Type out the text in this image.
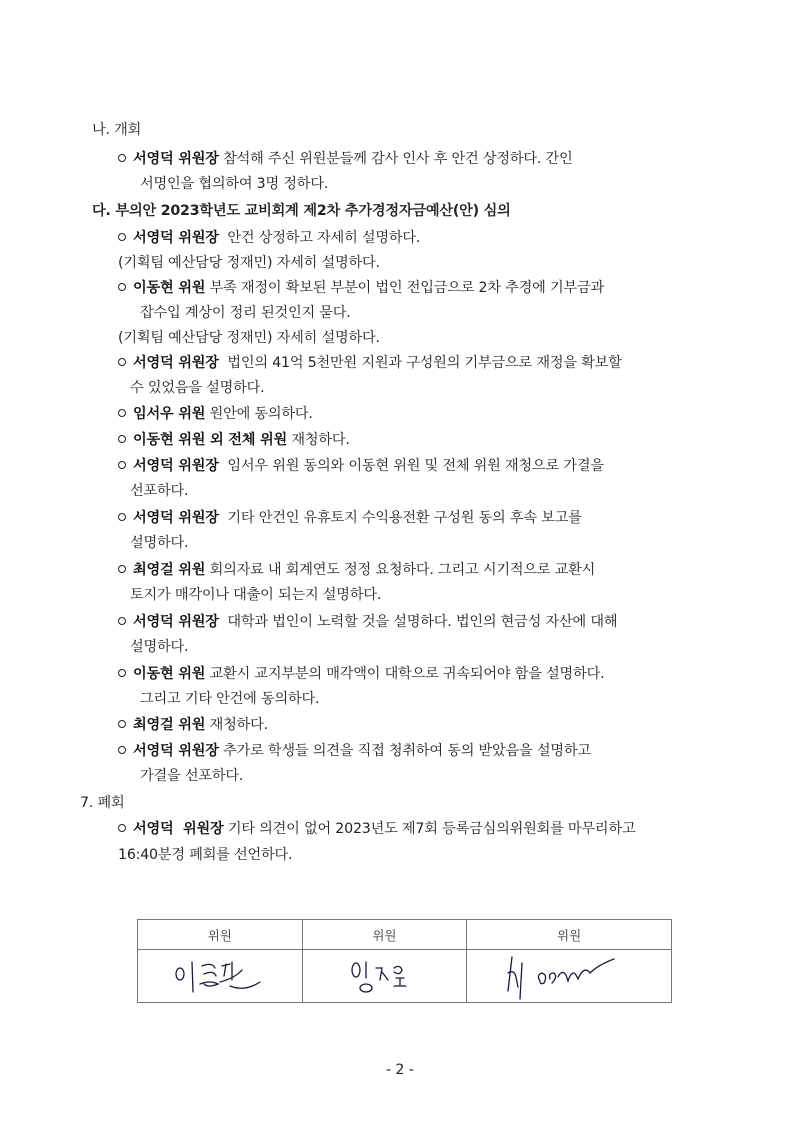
나. 개회
서영덕 위원장 참석해 주신 위원분들께 감사 인사 후 안건 상정하다. 간인
서명인을 협의하여 3명 정하다.
다. 부의안 2023학년도 교비회계 제2차 추가경정자금예산(안) 심의
서영덕 위원장 안건 상정하고 자세히 설명하다.
(기획팀 예산담당 정재민) 자세히 설명하다.
이동현 위원 부족 재정이 확보된 부분이 법인 전입금으로 2차 추경에 기부금과
잡수입 계상이 정리 된것인지 묻다.
(기획팀 예산담당 정재민) 자세히 설명하다.
서영덕 위원장 법인의 41억 5천만원 지원과 구성원의 기부금으로 재정을 확보할
수 있었음을 설명하다.
임서우 위원 원안에 동의하다.
이동현 위원 외 전체 위원 재청하다.
서영덕 위원장 임서우 위원 동의와 이동현 위원 및 전체 위원 재청으로 가결을
선포하다.
서영덕 위원장 기타 안건인 유휴토지 수익용전환 구성원 동의 후속 보고를
설명하다.
최영걸 위원 회의자료 내 회계연도 정정 요청하다. 그리고 시기적으로 교환시
토지가 매각이나 대출이 되는지 설명하다.
서영덕 위원장 대학과 법인이 노력할 것을 설명하다. 법인의 현금성 자산에 대해
설명하다.
이동현 위원 교환시 교지부분의 매각액이 대학으로 귀속되어야 함을 설명하다.
그리고 기타 안건에 동의하다.
최영걸 위원 재청하다.
서영덕 위원장 추가로 학생들 의견을 직접 청취하여 동의 받았음을 설명하고
가결을 선포하다.
7. 폐회
서영덕  위원장 기타 의견이 없어 2023년도 제7회 등록금심의위원회를 마무리하고
16:40분경 폐회를 선언하다.
위원	위원	위원

- 2 -
